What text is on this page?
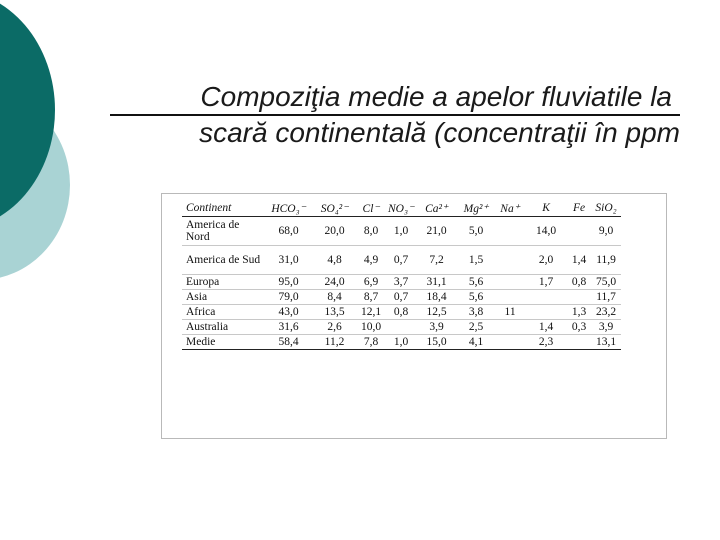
Compoziţia medie a apelor fluviatile la
scară continentală (concentraţii în ppm
Continent	HCO₃⁻	SO₄²⁻	Cl⁻	NO₃⁻	Ca²⁺	Mg²⁺	Na⁺	K	Fe	SiO₂
America de Nord	68,0	20,0	8,0	1,0	21,0	5,0		14,0		9,0
America de Sud	31,0	4,8	4,9	0,7	7,2	1,5		2,0	1,4	11,9
Europa	95,0	24,0	6,9	3,7	31,1	5,6		1,7	0,8	75,0
Asia	79,0	8,4	8,7	0,7	18,4	5,6				11,7
Africa	43,0	13,5	12,1	0,8	12,5	3,8	11		1,3	23,2
Australia	31,6	2,6	10,0		3,9	2,5		1,4	0,3	3,9
Medie	58,4	11,2	7,8	1,0	15,0	4,1		2,3		13,1
